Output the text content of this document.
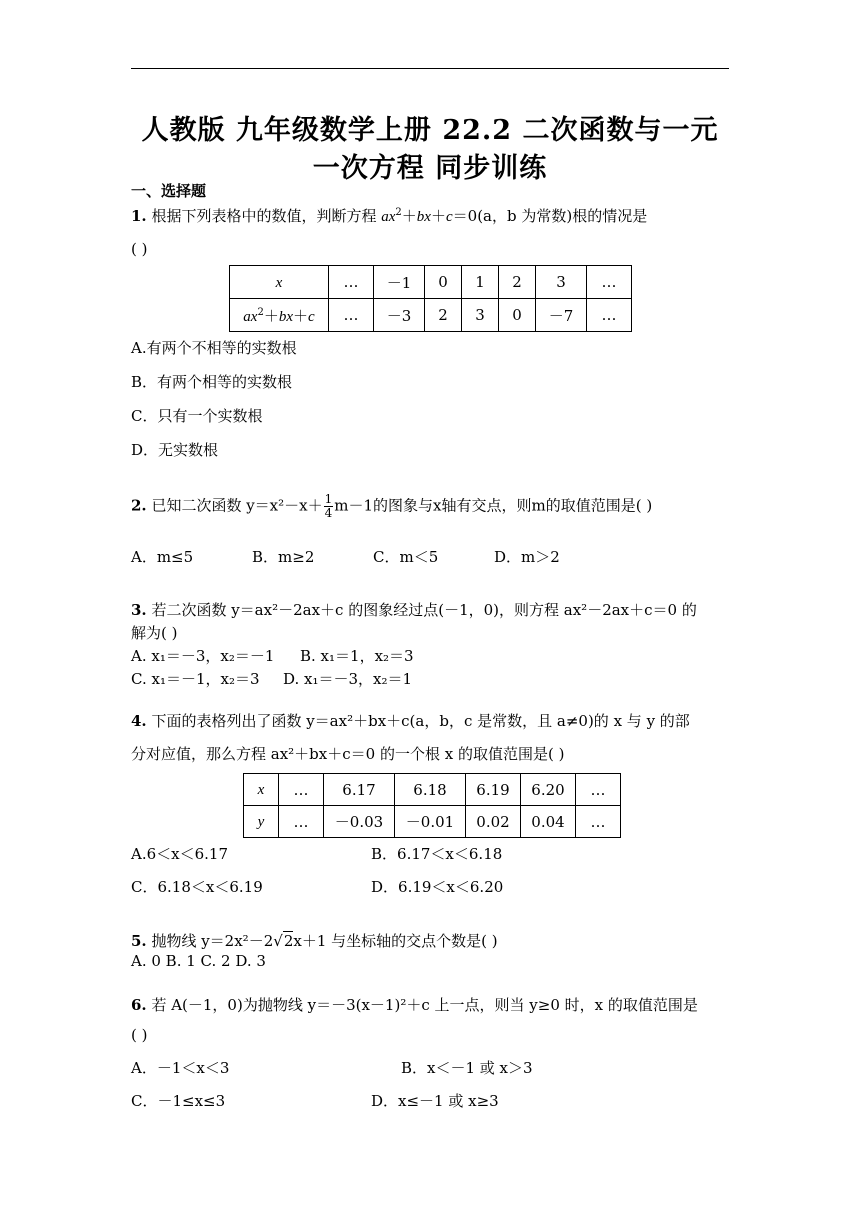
人教版 九年级数学上册 22.2 二次函数与一元
一次方程 同步训练
一、选择题
1. 根据下列表格中的数值，判断方程 $ax^2+bx+c=0(a$，b 为常数)根的情况是
( )
x	…	－1	0	1	2	3	…
$ax^2+bx+c$	…	－3	2	3	0	－7	…
A.有两个不相等的实数根
B．有两个相等的实数根
C．只有一个实数根
D．无实数根
2. 已知二次函数 $y=x^2-x+ \frac{1}{4} m-1$的图象与x轴有交点，则m的取值范围是( )
A．m≤5	B．m≥2	C．m＜5	D．m＞2
3. 若二次函数 y＝ax²－2ax＋c 的图象经过点(－1，0)，则方程 ax²－2ax＋c＝0 的
解为( )
A. x₁＝－3，x₂＝－1 B. x₁＝1，x₂＝3
C. x₁＝－1，x₂＝3 D. x₁＝－3，x₂＝1
4. 下面的表格列出了函数 y＝ax²＋bx＋c(a，b，c 是常数，且 a≠0)的 x 与 y 的部
分对应值，那么方程 ax²＋bx＋c＝0 的一个根 x 的取值范围是( )
x	…	6.17	6.18	6.19	6.20	…
y	…	－0.03	－0.01	0.02	0.04	…
A.6＜x＜6.17	B．6.17＜x＜6.18
C．6.18＜x＜6.19	D．6.19＜x＜6.20
5. 抛物线 y＝2x²－2√2x＋1 与坐标轴的交点个数是( )
A. 0 B. 1 C. 2 D. 3
6. 若 A(－1，0)为抛物线 y＝－3(x－1)²＋c 上一点，则当 y≥0 时，x 的取值范围是
( )
A．－1＜x＜3	B．x＜－1 或 x＞3
C．－1≤x≤3	D．x≤－1 或 x≥3
